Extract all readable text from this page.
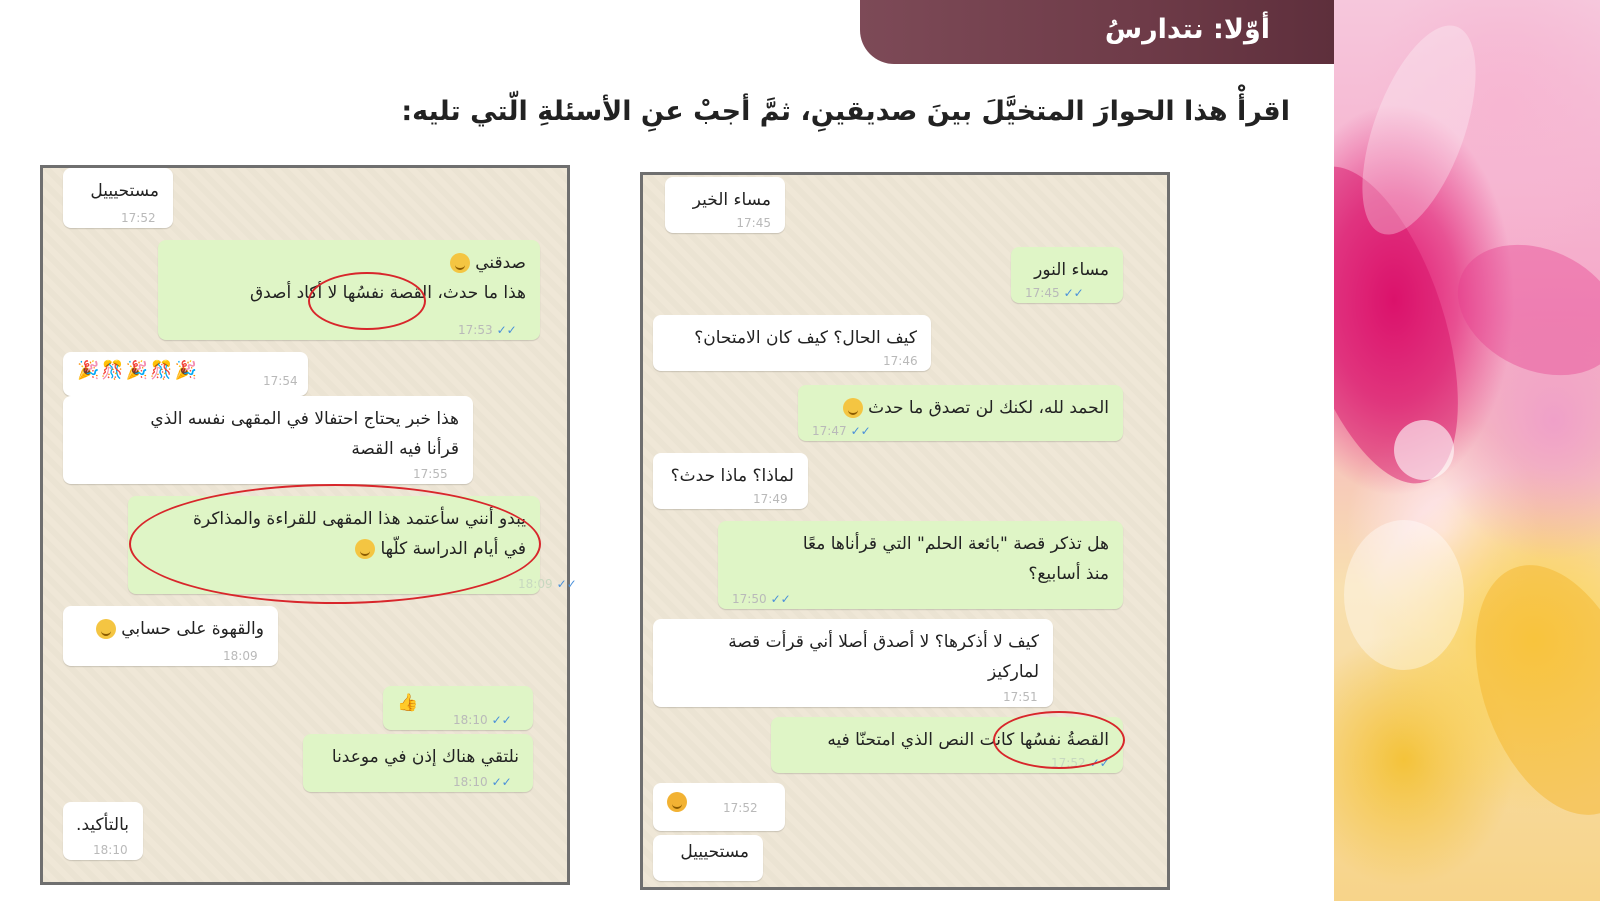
أوّلا: نتدارسُ
اقرأْ هذا الحوارَ المتخيَّلَ بينَ صديقينِ، ثمَّ أجبْ عنِ الأسئلةِ الّتي تليه:
مساء الخير
17:45
مساء النور
17:45 ✓✓
كيف الحال؟ كيف كان الامتحان؟
17:46
الحمد لله، لكنك لن تصدق ما حدث
17:47 ✓✓
لماذا؟ ماذا حدث؟
17:49
هل تذكر قصة "بائعة الحلم" التي قرأناها معًا
منذ أسابيع؟
17:50 ✓✓
كيف لا أذكرها؟ لا أصدق أصلا أني قرأت قصة
لماركيز
17:51
القصةُ نفسُها كانت النص الذي امتحنّا فيه
17:52 ✓✓
17:52
مستحيييل
مستحيييل
17:52
صدقني
هذا ما حدث، القصة نفسُها لا أكاد أصدق
17:53 ✓✓
🎉🎊🎉🎊🎉	17:54
هذا خبر يحتاج احتفالا في المقهى نفسه الذي
قرأنا فيه القصة
17:55
يبدو أنني سأعتمد هذا المقهى للقراءة والمذاكرة
في أيام الدراسة كلّها
18:09 ✓✓
والقهوة على حسابي
18:09
👍
18:10 ✓✓
نلتقي هناك إذن في موعدنا
18:10 ✓✓
بالتأكيد.
18:10
